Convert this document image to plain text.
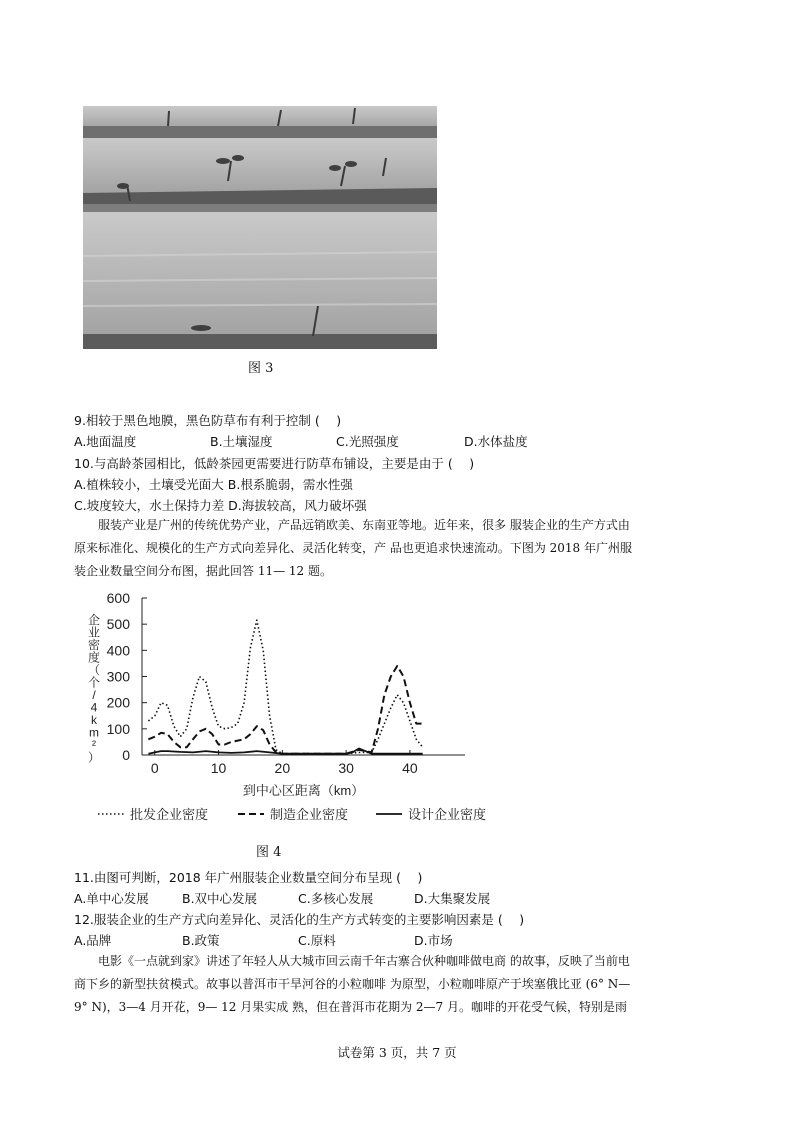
图 3
9.相较于黑色地膜，黑色防草布有利于控制 (　 )
A.地面温度	B.土壤湿度	C.光照强度	D.水体盐度
10.与高龄茶园相比，低龄茶园更需要进行防草布铺设，主要是由于 (　 )
A.植株较小，土壤受光面大 B.根系脆弱，需水性强
C.坡度较大，水土保持力差 D.海拔较高，风力破坏强
　　服装产业是广州的传统优势产业，产品远销欧美、东南亚等地。近年来，很多 服装企业的生产方式由
原来标准化、规模化的生产方式向差异化、灵活化转变，产 品也更追求快速流动。下图为 2018 年广州服
装企业数量空间分布图，据此回答 11— 12 题。
0
100
200
300
400
500
600
0	10	20	30	40
企
业
密
度
（
个
/
4
k
m
²
）
到中心区距离（km）
批发企业密度	制造企业密度	设计企业密度
图 4
11.由图可判断，2018 年广州服装企业数量空间分布呈现 (　 )
A.单中心发展	B.双中心发展	C.多核心发展	D.大集聚发展
12.服装企业的生产方式向差异化、灵活化的生产方式转变的主要影响因素是 (　 )
A.品牌	B.政策	C.原料	D.市场
　　电影《一点就到家》讲述了年轻人从大城市回云南千年古寨合伙种咖啡做电商 的故事，反映了当前电
商下乡的新型扶贫模式。故事以普洱市干旱河谷的小粒咖啡 为原型，小粒咖啡原产于埃塞俄比亚 (6° N—
9° N)，3—4 月开花，9— 12 月果实成 熟，但在普洱市花期为 2—7 月。咖啡的开花受气候，特别是雨
试卷第 3 页，共 7 页
